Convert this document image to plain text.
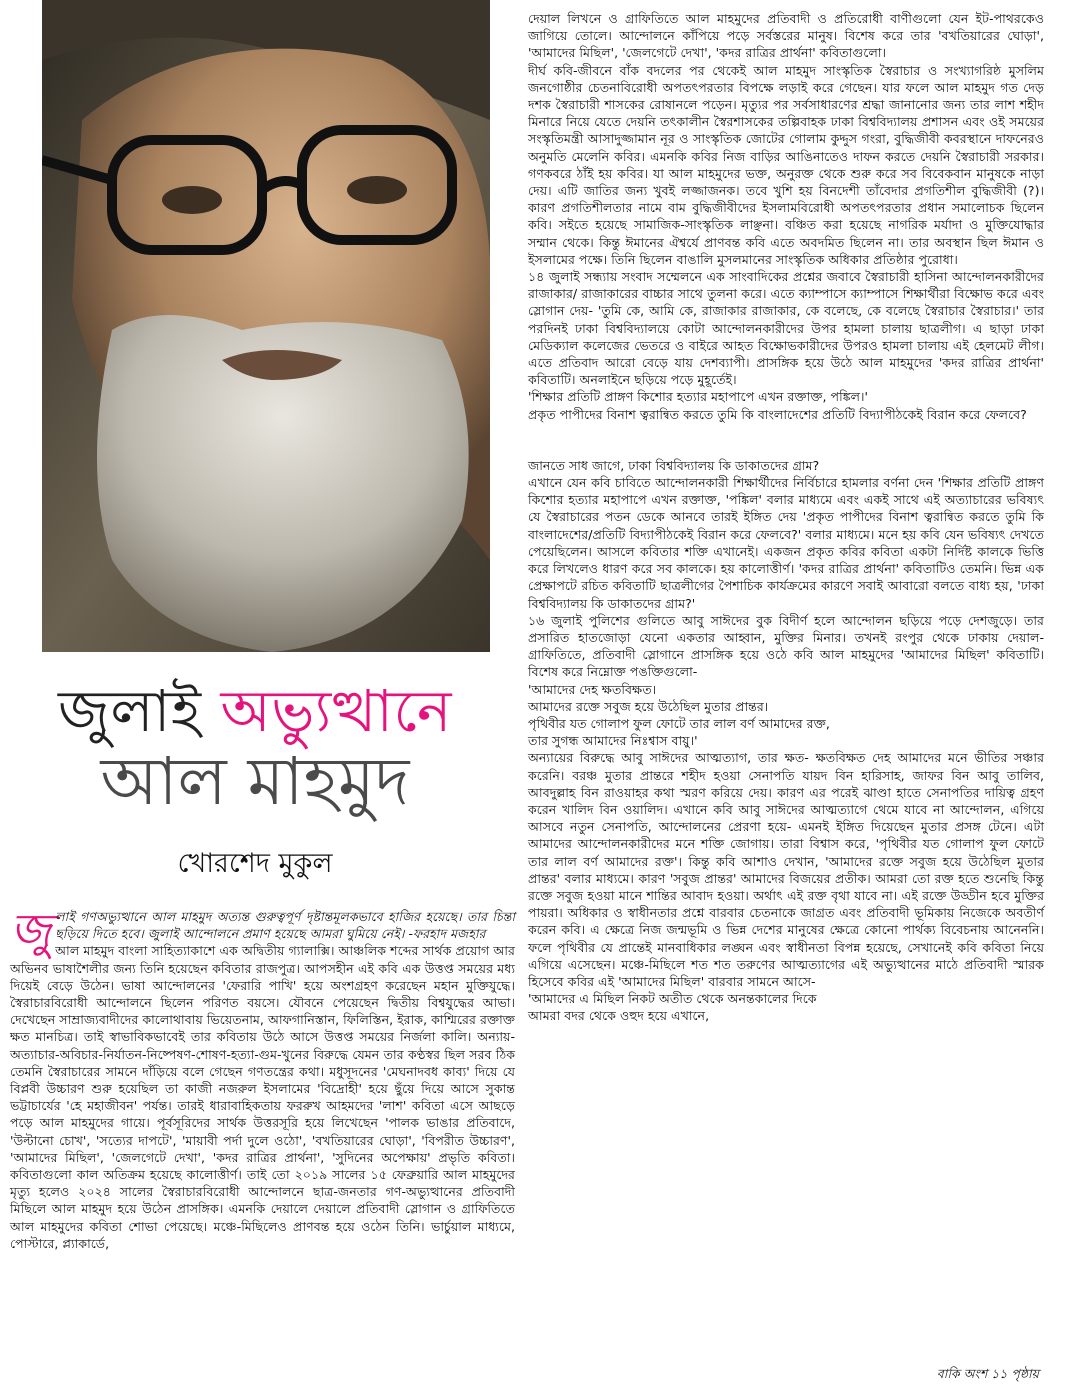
জুলাই অভ্যুত্থানে
আল মাহমুদ
খোরশেদ মুকুল

জুলাই গণঅভ্যুত্থানে আল মাহমুদ অত্যন্ত গুরুত্বপূর্ণ দৃষ্টান্তমূলকভাবে হাজির হয়েছে। তার চিন্তা ছড়িয়ে দিতে হবে। জুলাই আন্দোলনে প্রমাণ হয়েছে আমরা ঘুমিয়ে নেই। -ফরহাদ মজহার

আল মাহমুদ বাংলা সাহিত্যাকাশে এক অদ্বিতীয় গ্যালাক্সি। আঞ্চলিক শব্দের সার্থক প্রয়োগ আর অভিনব ভাষাশৈলীর জন্য তিনি হয়েছেন কবিতার রাজপুত্র। আপসহীন এই কবি এক উত্তপ্ত সময়ের মধ্য দিয়েই বেড়ে উঠেন। ভাষা আন্দোলনের 'ফেরারি পাখি' হয়ে অংশগ্রহণ করেছেন মহান মুক্তিযুদ্ধে। স্বৈরাচারবিরোধী আন্দোলনে ছিলেন পরিণত বয়সে। যৌবনে পেয়েছেন দ্বিতীয় বিশ্বযুদ্ধের আভা। দেখেছেন সাম্রাজ্যবাদীদের কালোথাবায় ভিয়েতনাম, আফগানিস্তান, ফিলিস্তিন, ইরাক, কাশ্মিরের রক্তাক্ত ক্ষত মানচিত্র। তাই স্বাভাবিকভাবেই তার কবিতায় উঠে আসে উত্তপ্ত সময়ের নির্জলা কালি। অন্যায়-অত্যাচার-অবিচার-নির্যাতন-নিষ্পেষণ-শোষণ-হত্যা-গুম-খুনের বিরুদ্ধে যেমন তার কণ্ঠস্বর ছিল সরব ঠিক তেমনি স্বৈরাচারের সামনে দাঁড়িয়ে বলে গেছেন গণতন্ত্রের কথা। মধুসূদনের 'মেঘনাদবধ কাব্য' দিয়ে যে বিপ্লবী উচ্চারণ শুরু হয়েছিল তা কাজী নজরুল ইসলামের 'বিদ্রোহী' হয়ে ছুঁয়ে দিয়ে আসে সুকান্ত ভট্টাচার্যের 'হে মহাজীবন' পর্যন্ত। তারই ধারাবাহিকতায় ফররুখ আহমদের 'লাশ' কবিতা এসে আছড়ে পড়ে আল মাহমুদের গায়ে। পূর্বসূরিদের সার্থক উত্তরসূরি হয়ে লিখেছেন 'পালক ভাঙার প্রতিবাদে, 'উল্টানো চোখ', 'সত্যের দাপটে', 'মায়াবী পর্দা দুলে ওঠো', 'বখতিয়ারের ঘোড়া', 'বিপরীত উচ্চারণ', 'আমাদের মিছিল', 'জেলগেটে দেখা', 'কদর রাত্রির প্রার্থনা', 'সুদিনের অপেক্ষায়' প্রভৃতি কবিতা। কবিতাগুলো কাল অতিক্রম হয়েছে কালোত্তীর্ণ। তাই তো ২০১৯ সালের ১৫ ফেব্রুয়ারি আল মাহমুদের মৃত্যু হলেও ২০২৪ সালের স্বৈরাচারবিরোধী আন্দোলনে ছাত্র-জনতার গণ-অভ্যুত্থানের প্রতিবাদী মিছিলে আল মাহমুদ হয়ে উঠেন প্রাসঙ্গিক। এমনকি দেয়ালে দেয়ালে প্রতিবাদী স্লোগান ও গ্রাফিতিতে আল মাহমুদের কবিতা শোভা পেয়েছে। মঞ্চে-মিছিলেও প্রাণবন্ত হয়ে ওঠেন তিনি। ভার্চুয়াল মাধ্যমে, পোস্টারে, প্ল্যাকার্ডে,

দেয়াল লিখনে ও গ্রাফিতিতে আল মাহমুদের প্রতিবাদী ও প্রতিরোধী বাণীগুলো যেন ইট-পাথরকেও জাগিয়ে তোলে। আন্দোলনে কাঁপিয়ে পড়ে সর্বস্তরের মানুষ। বিশেষ করে তার 'বখতিয়ারের ঘোড়া', 'আমাদের মিছিল', 'জেলগেটে দেখা', 'কদর রাত্রির প্রার্থনা' কবিতাগুলো।

দীর্ঘ কবি-জীবনে বাঁক বদলের পর থেকেই আল মাহমুদ সাংস্কৃতিক স্বৈরাচার ও সংখ্যাগরিষ্ঠ মুসলিম জনগোষ্ঠীর চেতনাবিরোধী অপতৎপরতার বিপক্ষে লড়াই করে গেছেন। যার ফলে আল মাহমুদ গত দেড় দশক স্বৈরাচারী শাসকের রোষানলে পড়েন। মৃত্যুর পর সর্বসাধারণের শ্রদ্ধা জানানোর জন্য তার লাশ শহীদ মিনারে নিয়ে যেতে দেয়নি তৎকালীন স্বৈরশাসকের তল্পিবাহক ঢাকা বিশ্ববিদ্যালয় প্রশাসন এবং ওই সময়ের সংস্কৃতিমন্ত্রী আসাদুজ্জামান নূর ও সাংস্কৃতিক জোটের গোলাম কুদ্দুস গংরা, বুদ্ধিজীবী কবরস্থানে দাফনেরও অনুমতি মেলেনি কবির। এমনকি কবির নিজ বাড়ির আঙিনাতেও দাফন করতে দেয়নি স্বৈরাচারী সরকার। গণকবরে ঠাঁই হয় কবির। যা আল মাহমুদের ভক্ত, অনুরক্ত থেকে শুরু করে সব বিবেকবান মানুষকে নাড়া দেয়। এটি জাতির জন্য খুবই লজ্জাজনক। তবে খুশি হয় বিনদেশী তাঁবেদার প্রগতিশীল বুদ্ধিজীবী (?)। কারণ প্রগতিশীলতার নামে বাম বুদ্ধিজীবীদের ইসলামবিরোধী অপতৎপরতার প্রধান সমালোচক ছিলেন কবি। সইতে হয়েছে সামাজিক-সাংস্কৃতিক লাঞ্ছনা। বঞ্চিত করা হয়েছে নাগরিক মর্যাদা ও মুক্তিযোদ্ধার সম্মান থেকে। কিন্তু ঈমানের ঐশ্বর্যে প্রাণবন্ত কবি এতে অবদমিত ছিলেন না। তার অবস্থান ছিল ঈমান ও ইসলামের পক্ষে। তিনি ছিলেন বাঙালি মুসলমানের সাংস্কৃতিক অধিকার প্রতিষ্ঠার পুরোধা।

১৪ জুলাই সন্ধ্যায় সংবাদ সম্মেলনে এক সাংবাদিকের প্রশ্নের জবাবে স্বৈরাচারী হাসিনা আন্দোলনকারীদের রাজাকার/ রাজাকারের বাচ্চার সাথে তুলনা করে। এতে ক্যাম্পাসে ক্যাম্পাসে শিক্ষার্থীরা বিক্ষোভ করে এবং স্লোগান দেয়- 'তুমি কে, আমি কে, রাজাকার রাজাকার, কে বলেছে, কে বলেছে স্বৈরাচার স্বৈরাচার।' তার পরদিনই ঢাকা বিশ্ববিদ্যালয়ে কোটা আন্দোলনকারীদের উপর হামলা চালায় ছাত্রলীগ। এ ছাড়া ঢাকা মেডিক্যাল কলেজের ভেতরে ও বাইরে আহত বিক্ষোভকারীদের উপরও হামলা চালায় এই হেলমেট লীগ। এতে প্রতিবাদ আরো বেড়ে যায় দেশব্যাপী। প্রাসঙ্গিক হয়ে উঠে আল মাহমুদের 'কদর রাত্রির প্রার্থনা' কবিতাটি। অনলাইনে ছড়িয়ে পড়ে মুহূর্তেই।

'শিক্ষার প্রতিটি প্রাঙ্গণ কিশোর হত্যার মহাপাপে এখন রক্তাক্ত, পঙ্কিল।'

প্রকৃত পাপীদের বিনাশ ত্বরান্বিত করতে তুমি কি বাংলাদেশের প্রতিটি বিদ্যাপীঠকেই বিরান করে ফেলবে?

জানতে সাধ জাগে, ঢাকা বিশ্ববিদ্যালয় কি ডাকাতদের গ্রাম?

এখানে যেন কবি চাবিতে আন্দোলনকারী শিক্ষার্থীদের নির্বিচারে হামলার বর্ণনা দেন 'শিক্ষার প্রতিটি প্রাঙ্গণ কিশোর হত্যার মহাপাপে এখন রক্তাক্ত, 'পঙ্কিল' বলার মাধ্যমে এবং একই সাথে এই অত্যাচারের ভবিষ্যৎ যে স্বৈরাচারের পতন ডেকে আনবে তারই ইঙ্গিত দেয় 'প্রকৃত পাপীদের বিনাশ ত্বরান্বিত করতে তুমি কি বাংলাদেশের/প্রতিটি বিদ্যাপীঠকেই বিরান করে ফেলবে?' বলার মাধ্যমে। মনে হয় কবি যেন ভবিষ্যৎ দেখতে পেয়েছিলেন। আসলে কবিতার শক্তি এখানেই। একজন প্রকৃত কবির কবিতা একটা নির্দিষ্ট কালকে ভিত্তি করে লিখলেও ধারণ করে সব কালকে। হয় কালোত্তীর্ণ। 'কদর রাত্রির প্রার্থনা' কবিতাটিও তেমনি। ভিন্ন এক প্রেক্ষাপটে রচিত কবিতাটি ছাত্রলীগের পৈশাচিক কার্যক্রমের কারণে সবাই আবারো বলতে বাধ্য হয়, 'ঢাকা বিশ্ববিদ্যালয় কি ডাকাতদের গ্রাম?'

১৬ জুলাই পুলিশের গুলিতে আবু সাঈদের বুক বিদীর্ণ হলে আন্দোলন ছড়িয়ে পড়ে দেশজুড়ে। তার প্রসারিত হাতজোড়া যেনো একতার আহ্বান, মুক্তির মিনার। তখনই রংপুর থেকে ঢাকায় দেয়াল-গ্রাফিতিতে, প্রতিবাদী স্লোগানে প্রাসঙ্গিক হয়ে ওঠে কবি আল মাহমুদের 'আমাদের মিছিল' কবিতাটি। বিশেষ করে নিম্নোক্ত পঙক্তিগুলো-

'আমাদের দেহ ক্ষতবিক্ষত।

আমাদের রক্তে সবুজ হয়ে উঠেছিল মুতার প্রান্তর।

পৃথিবীর যত গোলাপ ফুল ফোটে তার লাল বর্ণ আমাদের রক্ত,

তার সুগন্ধ আমাদের নিঃশ্বাস বায়ু।'

অন্যায়ের বিরুদ্ধে আবু সাঈদের আত্মত্যাগ, তার ক্ষত- ক্ষতবিক্ষত দেহ আমাদের মনে ভীতির সঞ্চার করেনি। বরঞ্চ মুতার প্রান্তরে শহীদ হওয়া সেনাপতি যায়দ বিন হারিসাহ, জাফর বিন আবু তালিব, আবদুল্লাহ বিন রাওয়াহর কথা স্মরণ করিয়ে দেয়। কারণ এর পরেই ঝাণ্ডা হাতে সেনাপতির দায়িত্ব গ্রহণ করেন খালিদ বিন ওয়ালিদ। এখানে কবি আবু সাঈদের আত্মত্যাগে থেমে যাবে না আন্দোলন, এগিয়ে আসবে নতুন সেনাপতি, আন্দোলনের প্রেরণা হয়ে- এমনই ইঙ্গিত দিয়েছেন মুতার প্রসঙ্গ টেনে। এটা আমাদের আন্দোলনকারীদের মনে শক্তি জোগায়। তারা বিশ্বাস করে, 'পৃথিবীর যত গোলাপ ফুল ফোটে তার লাল বর্ণ আমাদের রক্ত'। কিন্তু কবি আশাও দেখান, 'আমাদের রক্তে সবুজ হয়ে উঠেছিল মুতার প্রান্তর' বলার মাধ্যমে। কারণ 'সবুজ প্রান্তর' আমাদের বিজয়ের প্রতীক। আমরা তো রক্ত হতে শুনেছি কিন্তু রক্তে সবুজ হওয়া মানে শান্তির আবাদ হওয়া। অর্থাৎ এই রক্ত বৃথা যাবে না। এই রক্তে উড্ডীন হবে মুক্তির পায়রা। অধিকার ও স্বাধীনতার প্রশ্নে বারবার চেতনাকে জাগ্রত এবং প্রতিবাদী ভূমিকায় নিজেকে অবতীর্ণ করেন কবি। এ ক্ষেত্রে নিজ জন্মভূমি ও ভিন্ন দেশের মানুষের ক্ষেত্রে কোনো পার্থক্য বিবেচনায় আনেননি। ফলে পৃথিবীর যে প্রান্তেই মানবাধিকার লঙ্ঘন এবং স্বাধীনতা বিপন্ন হয়েছে, সেখানেই কবি কবিতা নিয়ে এগিয়ে এসেছেন। মঞ্চে-মিছিলে শত শত তরুণের আত্মত্যাগের এই অভ্যুত্থানের মাঠে প্রতিবাদী স্মারক হিসেবে কবির এই 'আমাদের মিছিল' বারবার সামনে আসে-

'আমাদের এ মিছিল নিকট অতীত থেকে অনন্তকালের দিকে

আমরা বদর থেকে ওহুদ হয়ে এখানে,

বাকি অংশ ১১ পৃষ্ঠায়
